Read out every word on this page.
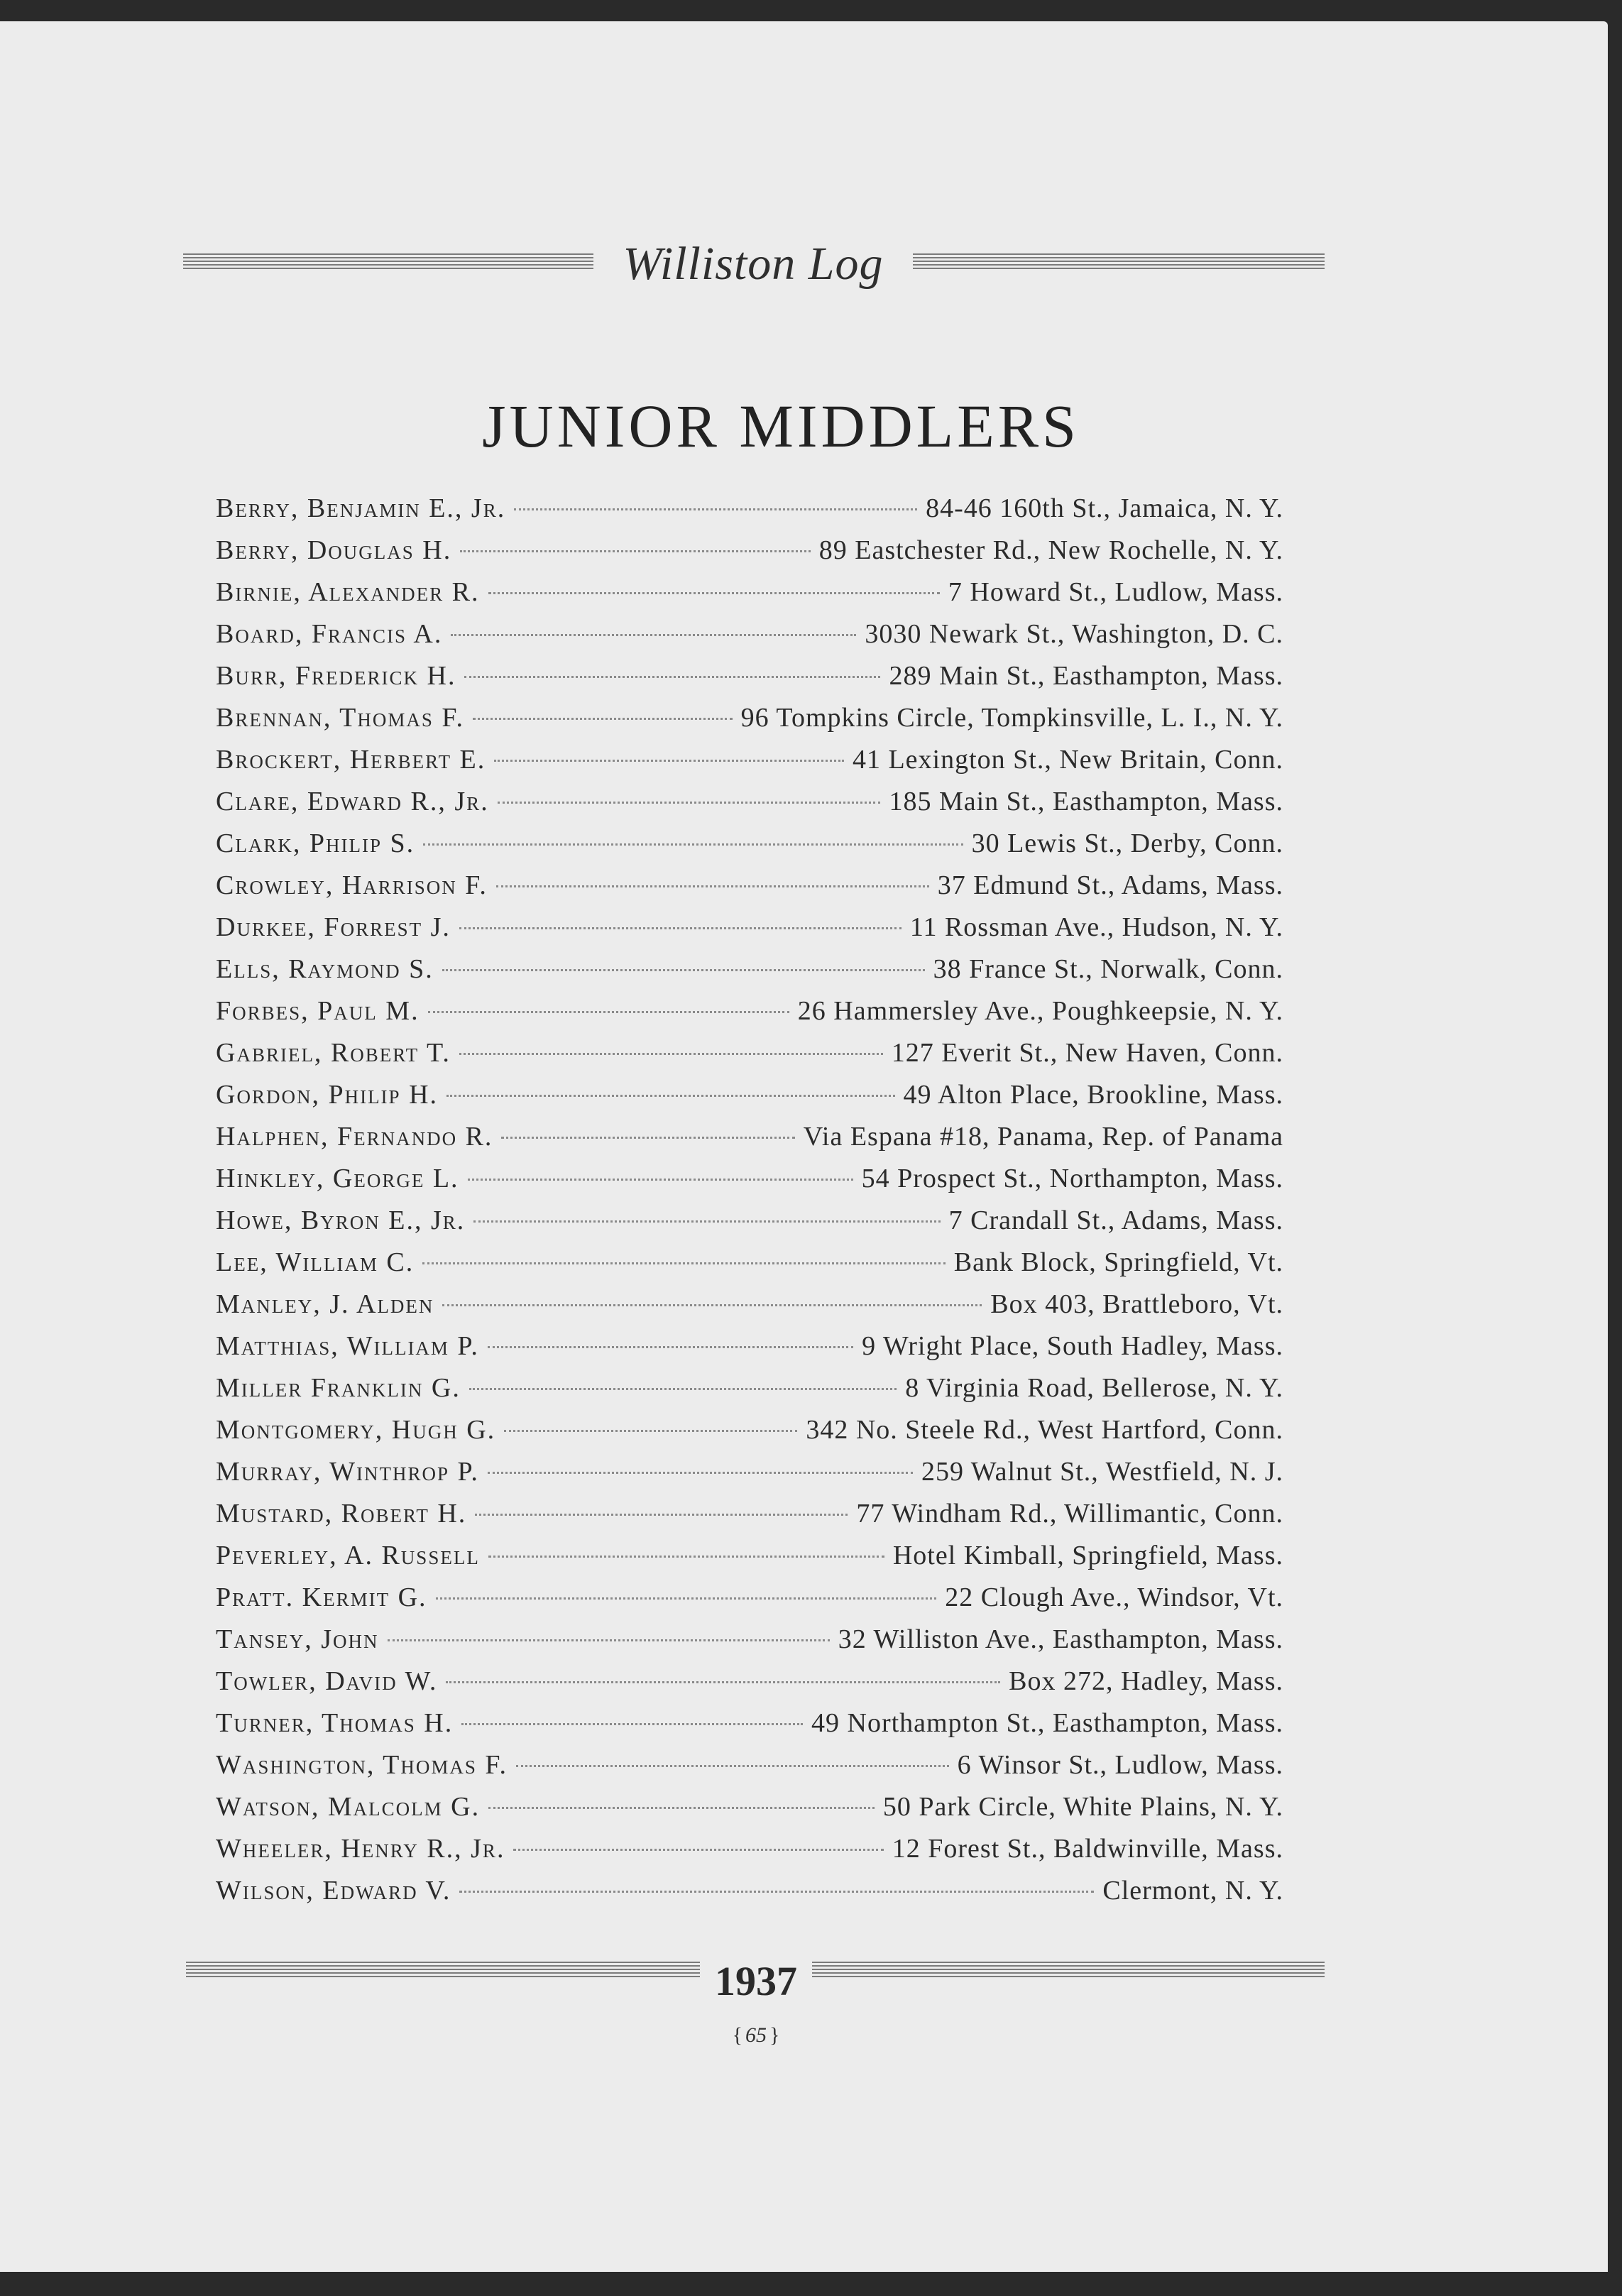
Williston Log
JUNIOR MIDDLERS
Berry, Benjamin E., Jr.	84-46 160th St., Jamaica, N. Y.
Berry, Douglas H.	89 Eastchester Rd., New Rochelle, N. Y.
Birnie, Alexander R.	7 Howard St., Ludlow, Mass.
Board, Francis A.	3030 Newark St., Washington, D. C.
Burr, Frederick H.	289 Main St., Easthampton, Mass.
Brennan, Thomas F.	96 Tompkins Circle, Tompkinsville, L. I., N. Y.
Brockert, Herbert E.	41 Lexington St., New Britain, Conn.
Clare, Edward R., Jr.	185 Main St., Easthampton, Mass.
Clark, Philip S.	30 Lewis St., Derby, Conn.
Crowley, Harrison F.	37 Edmund St., Adams, Mass.
Durkee, Forrest J.	11 Rossman Ave., Hudson, N. Y.
Ells, Raymond S.	38 France St., Norwalk, Conn.
Forbes, Paul M.	26 Hammersley Ave., Poughkeepsie, N. Y.
Gabriel, Robert T.	127 Everit St., New Haven, Conn.
Gordon, Philip H.	49 Alton Place, Brookline, Mass.
Halphen, Fernando R.	Via Espana #18, Panama, Rep. of Panama
Hinkley, George L.	54 Prospect St., Northampton, Mass.
Howe, Byron E., Jr.	7 Crandall St., Adams, Mass.
Lee, William C.	Bank Block, Springfield, Vt.
Manley, J. Alden	Box 403, Brattleboro, Vt.
Matthias, William P.	9 Wright Place, South Hadley, Mass.
Miller Franklin G.	8 Virginia Road, Bellerose, N. Y.
Montgomery, Hugh G.	342 No. Steele Rd., West Hartford, Conn.
Murray, Winthrop P.	259 Walnut St., Westfield, N. J.
Mustard, Robert H.	77 Windham Rd., Willimantic, Conn.
Peverley, A. Russell	Hotel Kimball, Springfield, Mass.
Pratt. Kermit G.	22 Clough Ave., Windsor, Vt.
Tansey, John	32 Williston Ave., Easthampton, Mass.
Towler, David W.	Box 272, Hadley, Mass.
Turner, Thomas H.	49 Northampton St., Easthampton, Mass.
Washington, Thomas F.	6 Winsor St., Ludlow, Mass.
Watson, Malcolm G.	50 Park Circle, White Plains, N. Y.
Wheeler, Henry R., Jr.	12 Forest St., Baldwinville, Mass.
Wilson, Edward V.	Clermont, N. Y.
1937
{ 65 }
